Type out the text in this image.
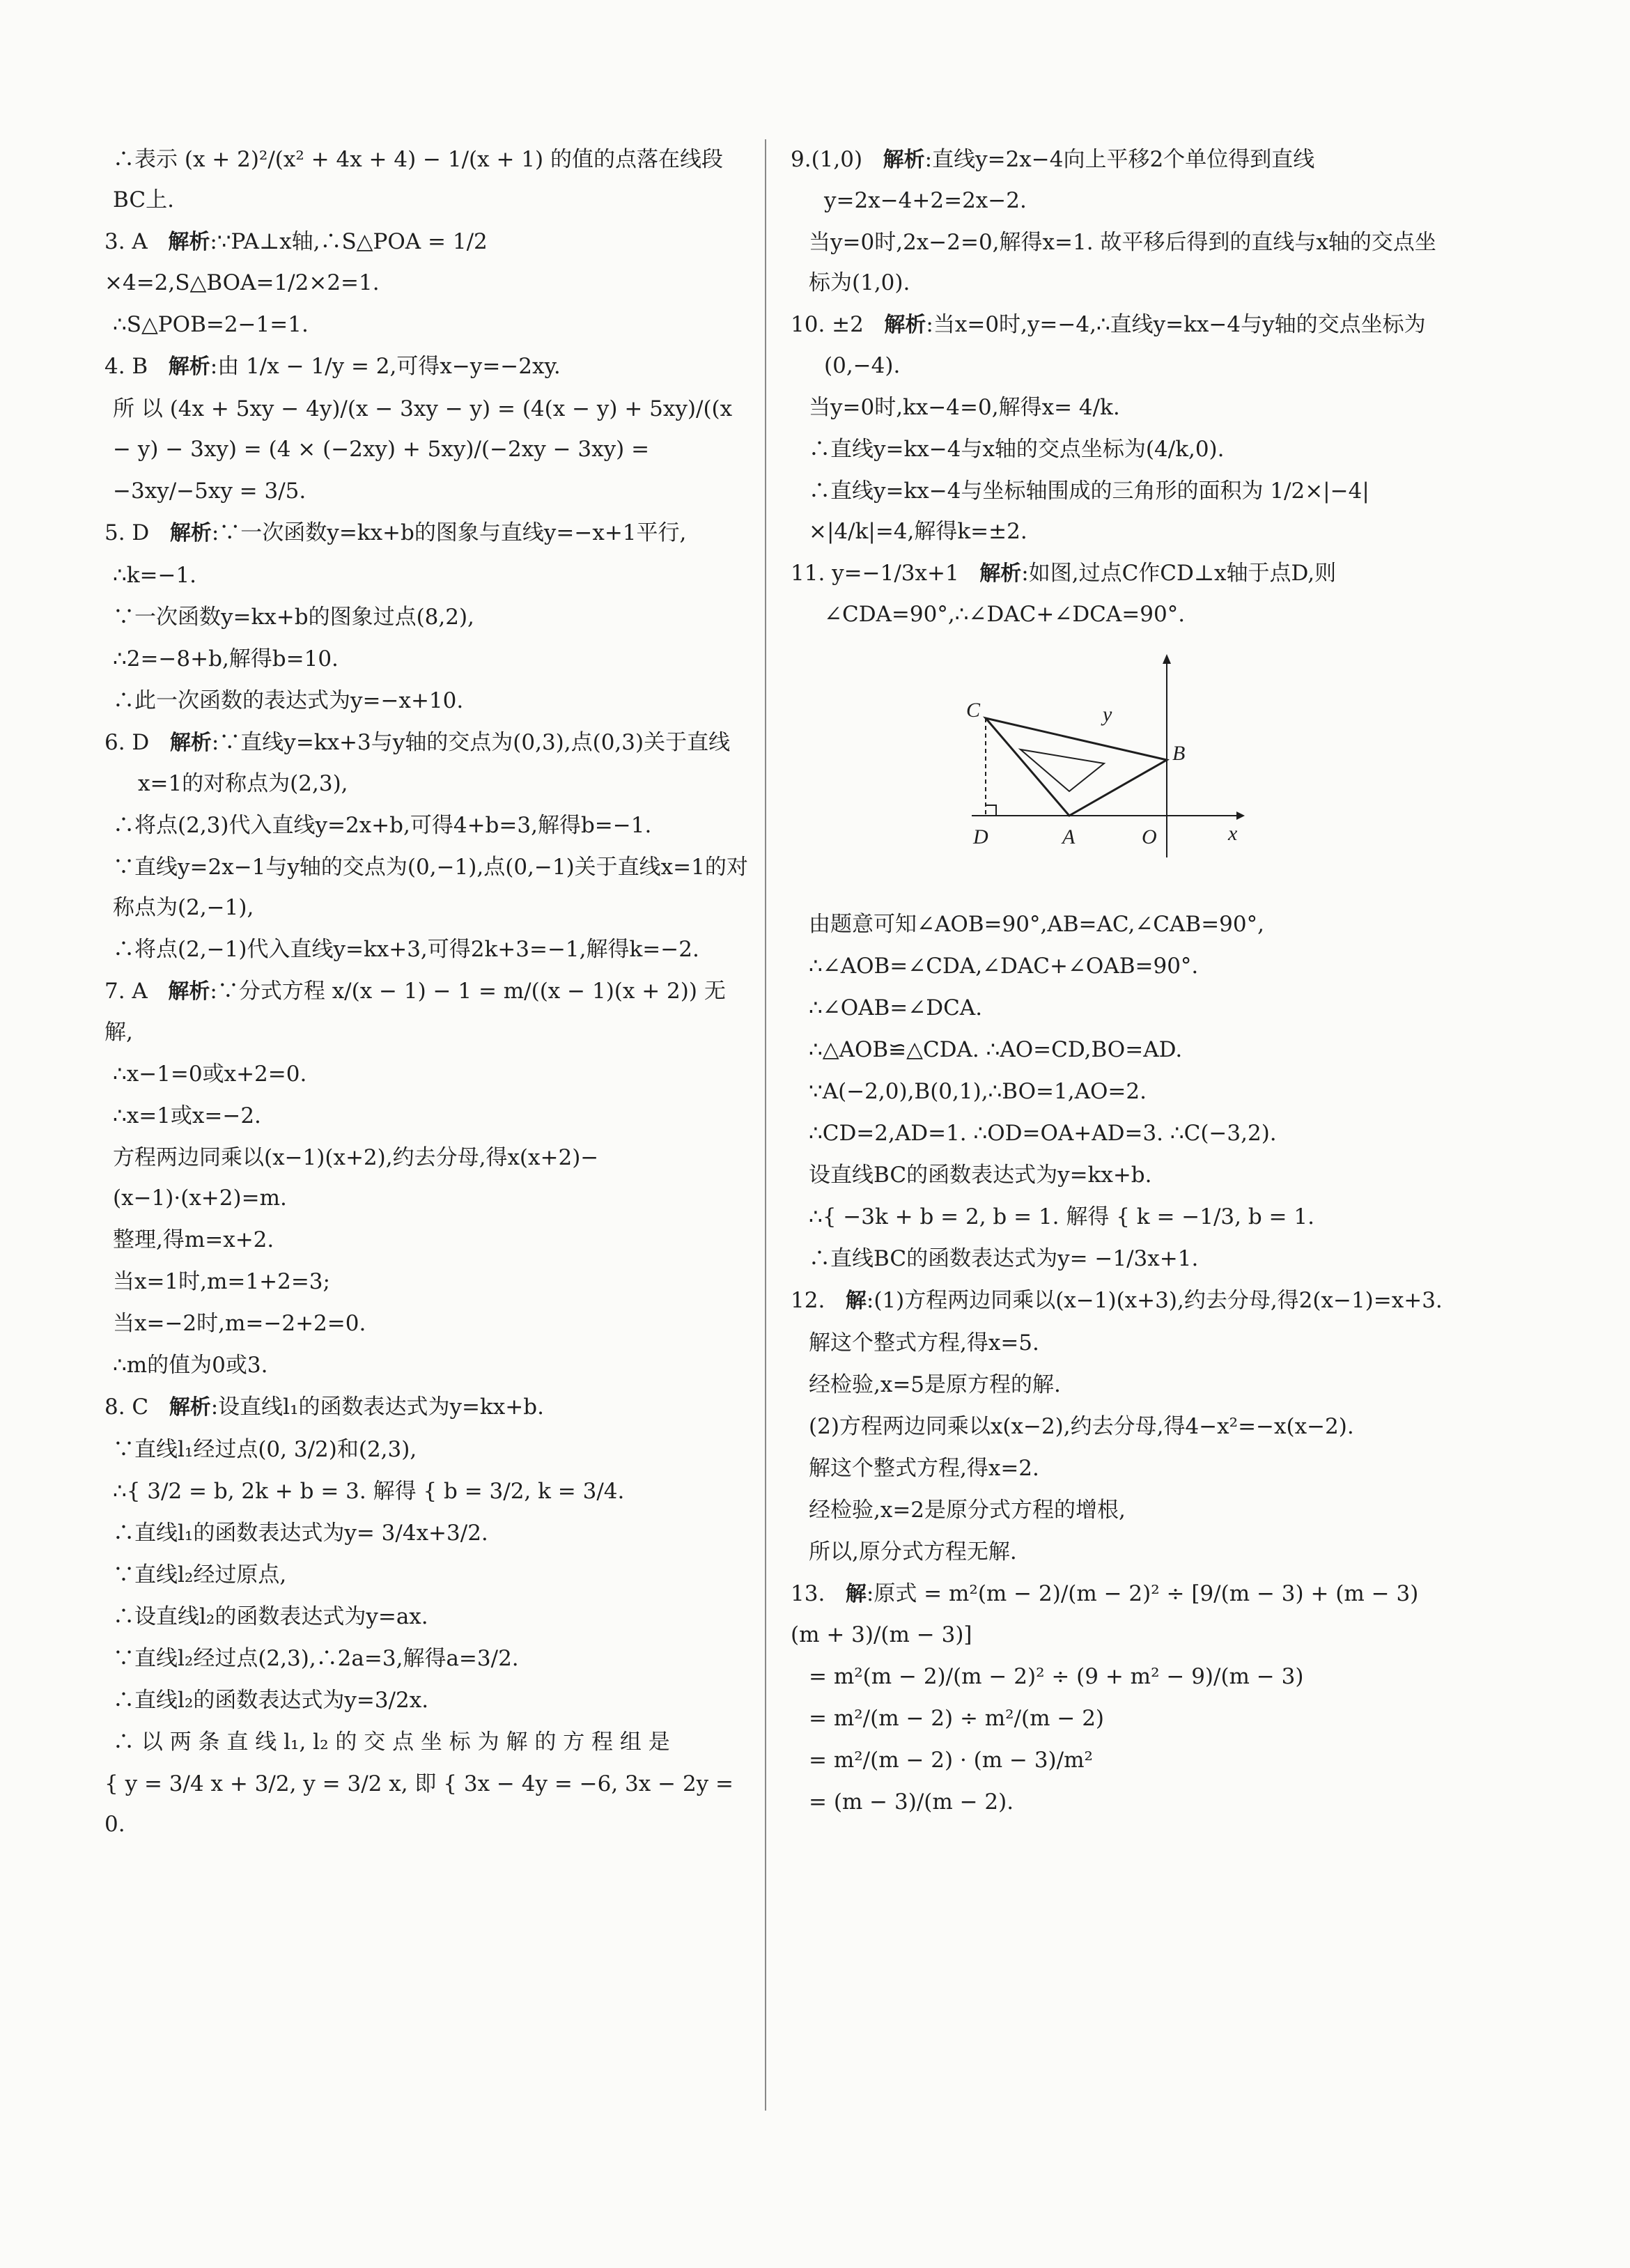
∴表示 (x + 2)²/(x² + 4x + 4) − 1/(x + 1) 的值的点落在线段BC上.
3. A 解析:∵PA⊥x轴,∴S△POA = 1/2 ×4=2,S△BOA=1/2×2=1.
∴S△POB=2−1=1.
4. B 解析:由 1/x − 1/y = 2,可得x−y=−2xy.
所 以 (4x + 5xy − 4y)/(x − 3xy − y) = (4(x − y) + 5xy)/((x − y) − 3xy) = (4 × (−2xy) + 5xy)/(−2xy − 3xy) =
−3xy/−5xy = 3/5.
5. D 解析:∵一次函数y=kx+b的图象与直线y=−x+1平行,
∴k=−1.
∵一次函数y=kx+b的图象过点(8,2),
∴2=−8+b,解得b=10.
∴此一次函数的表达式为y=−x+10.
6. D 解析:∵直线y=kx+3与y轴的交点为(0,3),点(0,3)关于直线x=1的对称点为(2,3),
∴将点(2,3)代入直线y=2x+b,可得4+b=3,解得b=−1.
∵直线y=2x−1与y轴的交点为(0,−1),点(0,−1)关于直线x=1的对称点为(2,−1),
∴将点(2,−1)代入直线y=kx+3,可得2k+3=−1,解得k=−2.
7. A 解析:∵分式方程 x/(x − 1) − 1 = m/((x − 1)(x + 2)) 无解,
∴x−1=0或x+2=0.
∴x=1或x=−2.
方程两边同乘以(x−1)(x+2),约去分母,得x(x+2)−(x−1)·(x+2)=m.
整理,得m=x+2.
当x=1时,m=1+2=3;
当x=−2时,m=−2+2=0.
∴m的值为0或3.
8. C 解析:设直线l₁的函数表达式为y=kx+b.
∵直线l₁经过点(0, 3/2)和(2,3),
∴{ 3/2 = b, 2k + b = 3. 解得 { b = 3/2, k = 3/4.
∴直线l₁的函数表达式为y= 3/4x+3/2.
∵直线l₂经过原点,
∴设直线l₂的函数表达式为y=ax.
∵直线l₂经过点(2,3),∴2a=3,解得a=3/2.
∴直线l₂的函数表达式为y=3/2x.
∴ 以 两 条 直 线 l₁, l₂ 的 交 点 坐 标 为 解 的 方 程 组 是
{ y = 3/4 x + 3/2, y = 3/2 x, 即 { 3x − 4y = −6, 3x − 2y = 0.
9.(1,0) 解析:直线y=2x−4向上平移2个单位得到直线y=2x−4+2=2x−2.
当y=0时,2x−2=0,解得x=1. 故平移后得到的直线与x轴的交点坐标为(1,0).
10. ±2 解析:当x=0时,y=−4,∴直线y=kx−4与y轴的交点坐标为(0,−4).
当y=0时,kx−4=0,解得x= 4/k.
∴直线y=kx−4与x轴的交点坐标为(4/k,0).
∴直线y=kx−4与坐标轴围成的三角形的面积为 1/2×|−4|×|4/k|=4,解得k=±2.
11. y=−1/3x+1 解析:如图,过点C作CD⊥x轴于点D,则∠CDA=90°,∴∠DAC+∠DCA=90°.
y
x
C
B
D	A	O
由题意可知∠AOB=90°,AB=AC,∠CAB=90°,
∴∠AOB=∠CDA,∠DAC+∠OAB=90°.
∴∠OAB=∠DCA.
∴△AOB≌△CDA. ∴AO=CD,BO=AD.
∵A(−2,0),B(0,1),∴BO=1,AO=2.
∴CD=2,AD=1. ∴OD=OA+AD=3. ∴C(−3,2).
设直线BC的函数表达式为y=kx+b.
∴{ −3k + b = 2, b = 1. 解得 { k = −1/3, b = 1.
∴直线BC的函数表达式为y= −1/3x+1.
12. 解:(1)方程两边同乘以(x−1)(x+3),约去分母,得2(x−1)=x+3.
解这个整式方程,得x=5.
经检验,x=5是原方程的解.
(2)方程两边同乘以x(x−2),约去分母,得4−x²=−x(x−2).
解这个整式方程,得x=2.
经检验,x=2是原分式方程的增根,
所以,原分式方程无解.
13. 解:原式 = m²(m − 2)/(m − 2)² ÷ [9/(m − 3) + (m − 3)(m + 3)/(m − 3)]
= m²(m − 2)/(m − 2)² ÷ (9 + m² − 9)/(m − 3)
= m²/(m − 2) ÷ m²/(m − 2)
= m²/(m − 2) · (m − 3)/m²
= (m − 3)/(m − 2).
